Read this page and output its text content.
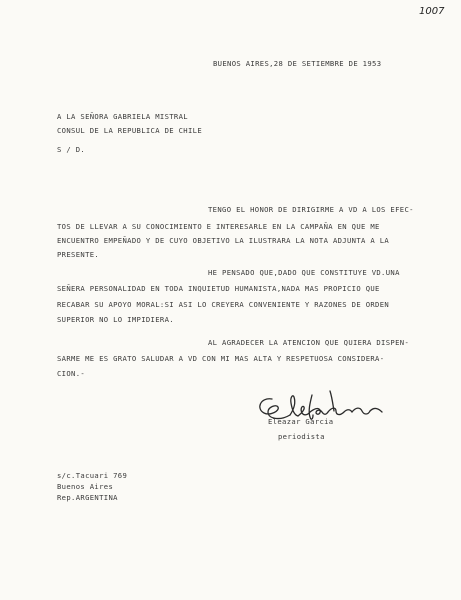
1007
BUENOS AIRES,28 DE SETIEMBRE DE 1953
A LA SEÑORA GABRIELA MISTRAL
CONSUL DE LA REPUBLICA DE CHILE
S / D.
TENGO EL HONOR DE DIRIGIRME A VD A LOS EFEC-
TOS DE LLEVAR A SU CONOCIMIENTO E INTERESARLE EN LA CAMPAÑA EN QUE ME
ENCUENTRO EMPEÑADO Y DE CUYO OBJETIVO LA ILUSTRARA LA NOTA ADJUNTA A LA
PRESENTE.
HE PENSADO QUE,DADO QUE CONSTITUYE VD.UNA
SEÑERA PERSONALIDAD EN TODA INQUIETUD HUMANISTA,NADA MAS PROPICIO QUE
RECABAR SU APOYO MORAL:SI ASI LO CREYERA CONVENIENTE Y RAZONES DE ORDEN
SUPERIOR NO LO IMPIDIERA.
AL AGRADECER LA ATENCION QUE QUIERA DISPEN-
SARME ME ES GRATO SALUDAR A VD CON MI MAS ALTA Y RESPETUOSA CONSIDERA-
CION.-
Eleazar Garcia
periodista
s/c.Tacuari 769
Buenos Aires
Rep.ARGENTINA
